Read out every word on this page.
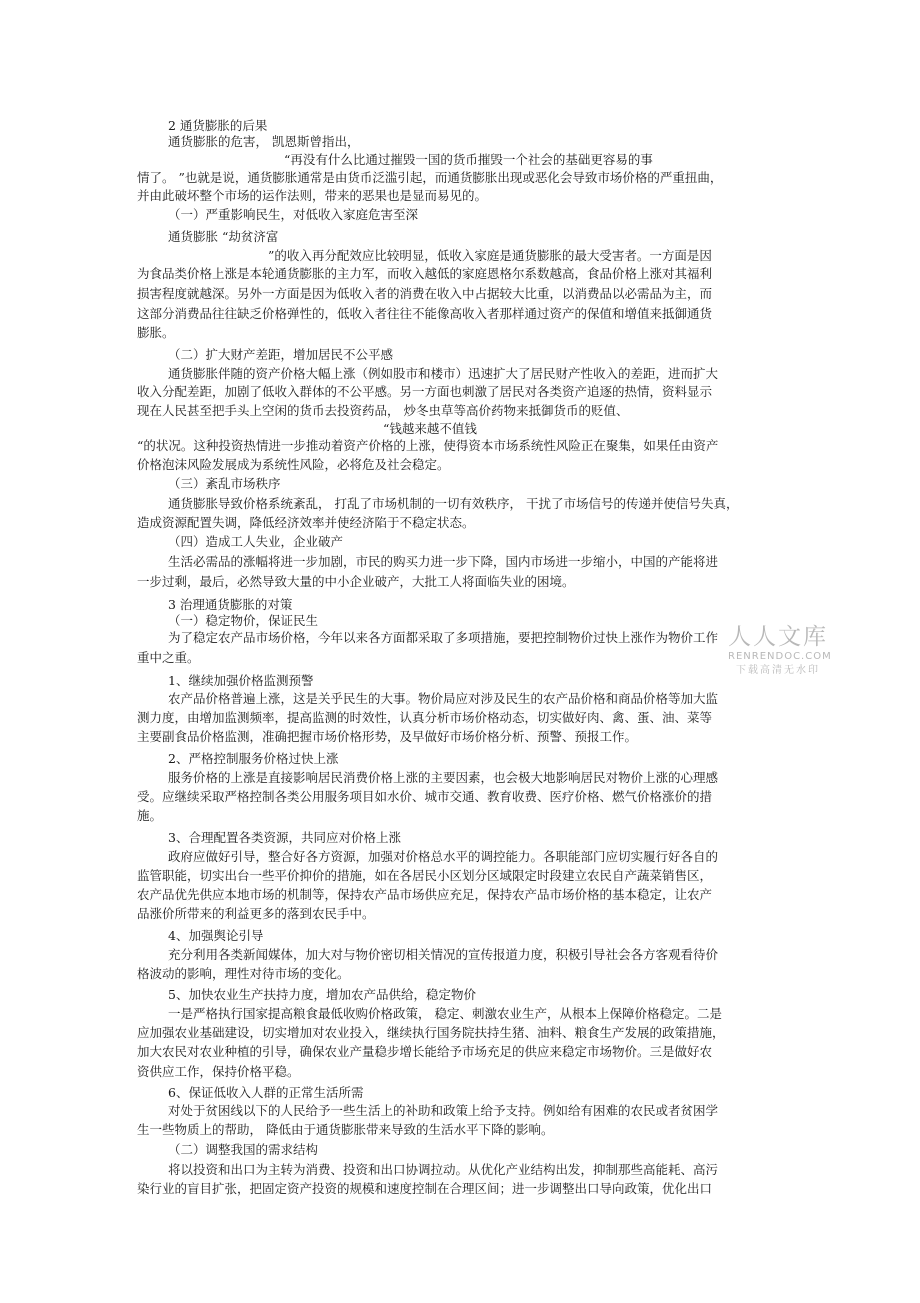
2 通货膨胀的后果
通货膨胀的危害， 凯恩斯曾指出，
“再没有什么比通过摧毁一国的货币摧毁一个社会的基础更容易的事
情了。 ”也就是说，通货膨胀通常是由货币泛滥引起，而通货膨胀出现或恶化会导致市场价格的严重扭曲，
并由此破坏整个市场的运作法则，带来的恶果也是显而易见的。
（一）严重影响民生，对低收入家庭危害至深
通货膨胀 “劫贫济富
”的收入再分配效应比较明显，低收入家庭是通货膨胀的最大受害者。一方面是因
为食品类价格上涨是本轮通货膨胀的主力军，而收入越低的家庭恩格尔系数越高，食品价格上涨对其福利
损害程度就越深。另外一方面是因为低收入者的消费在收入中占据较大比重，以消费品以必需品为主，而
这部分消费品往往缺乏价格弹性的，低收入者往往不能像高收入者那样通过资产的保值和增值来抵御通货
膨胀。
（二）扩大财产差距，增加居民不公平感
通货膨胀伴随的资产价格大幅上涨（例如股市和楼市）迅速扩大了居民财产性收入的差距，进而扩大
收入分配差距，加剧了低收入群体的不公平感。另一方面也刺激了居民对各类资产追逐的热情，资料显示
现在人民甚至把手头上空闲的货币去投资药品， 炒冬虫草等高价药物来抵御货币的贬值、
“钱越来越不值钱
“的状况。这种投资热情进一步推动着资产价格的上涨，使得资本市场系统性风险正在聚集，如果任由资产
价格泡沫风险发展成为系统性风险，必将危及社会稳定。
（三）紊乱市场秩序
通货膨胀导致价格系统紊乱， 打乱了市场机制的一切有效秩序， 干扰了市场信号的传递并使信号失真，
造成资源配置失调，降低经济效率并使经济陷于不稳定状态。
（四）造成工人失业，企业破产
生活必需品的涨幅将进一步加剧，市民的购买力进一步下降，国内市场进一步缩小，中国的产能将进
一步过剩，最后，必然导致大量的中小企业破产，大批工人将面临失业的困境。
3 治理通货膨胀的对策
（一）稳定物价，保证民生
为了稳定农产品市场价格，今年以来各方面都采取了多项措施，要把控制物价过快上涨作为物价工作
重中之重。
1、继续加强价格监测预警
农产品价格普遍上涨，这是关乎民生的大事。物价局应对涉及民生的农产品价格和商品价格等加大监
测力度，由增加监测频率，提高监测的时效性，认真分析市场价格动态，切实做好肉、禽、蛋、油、菜等
主要副食品价格监测，准确把握市场价格形势，及早做好市场价格分析、预警、预报工作。
2、严格控制服务价格过快上涨
服务价格的上涨是直接影响居民消费价格上涨的主要因素，也会极大地影响居民对物价上涨的心理感
受。应继续采取严格控制各类公用服务项目如水价、城市交通、教育收费、医疗价格、燃气价格涨价的措
施。
3、合理配置各类资源，共同应对价格上涨
政府应做好引导，整合好各方资源，加强对价格总水平的调控能力。各职能部门应切实履行好各自的
监管职能，切实出台一些平价抑价的措施，如在各居民小区划分区域限定时段建立农民自产蔬菜销售区，
农产品优先供应本地市场的机制等，保持农产品市场供应充足，保持农产品市场价格的基本稳定，让农产
品涨价所带来的利益更多的落到农民手中。
4、加强舆论引导
充分利用各类新闻媒体，加大对与物价密切相关情况的宣传报道力度，积极引导社会各方客观看待价
格波动的影响，理性对待市场的变化。
5、加快农业生产扶持力度，增加农产品供给，稳定物价
一是严格执行国家提高粮食最低收购价格政策， 稳定、刺激农业生产，从根本上保障价格稳定。二是
应加强农业基础建设，切实增加对农业投入，继续执行国务院扶持生猪、油料、粮食生产发展的政策措施，
加大农民对农业种植的引导，确保农业产量稳步增长能给予市场充足的供应来稳定市场物价。三是做好农
资供应工作，保持价格平稳。
6、保证低收入人群的正常生活所需
对处于贫困线以下的人民给予一些生活上的补助和政策上给予支持。例如给有困难的农民或者贫困学
生一些物质上的帮助， 降低由于通货膨胀带来导致的生活水平下降的影响。
（二）调整我国的需求结构
将以投资和出口为主转为消费、投资和出口协调拉动。从优化产业结构出发，抑制那些高能耗、高污
染行业的盲目扩张，把固定资产投资的规模和速度控制在合理区间；进一步调整出口导向政策，优化出口
人人文库
RENRENDOC.COM
下载高清无水印
